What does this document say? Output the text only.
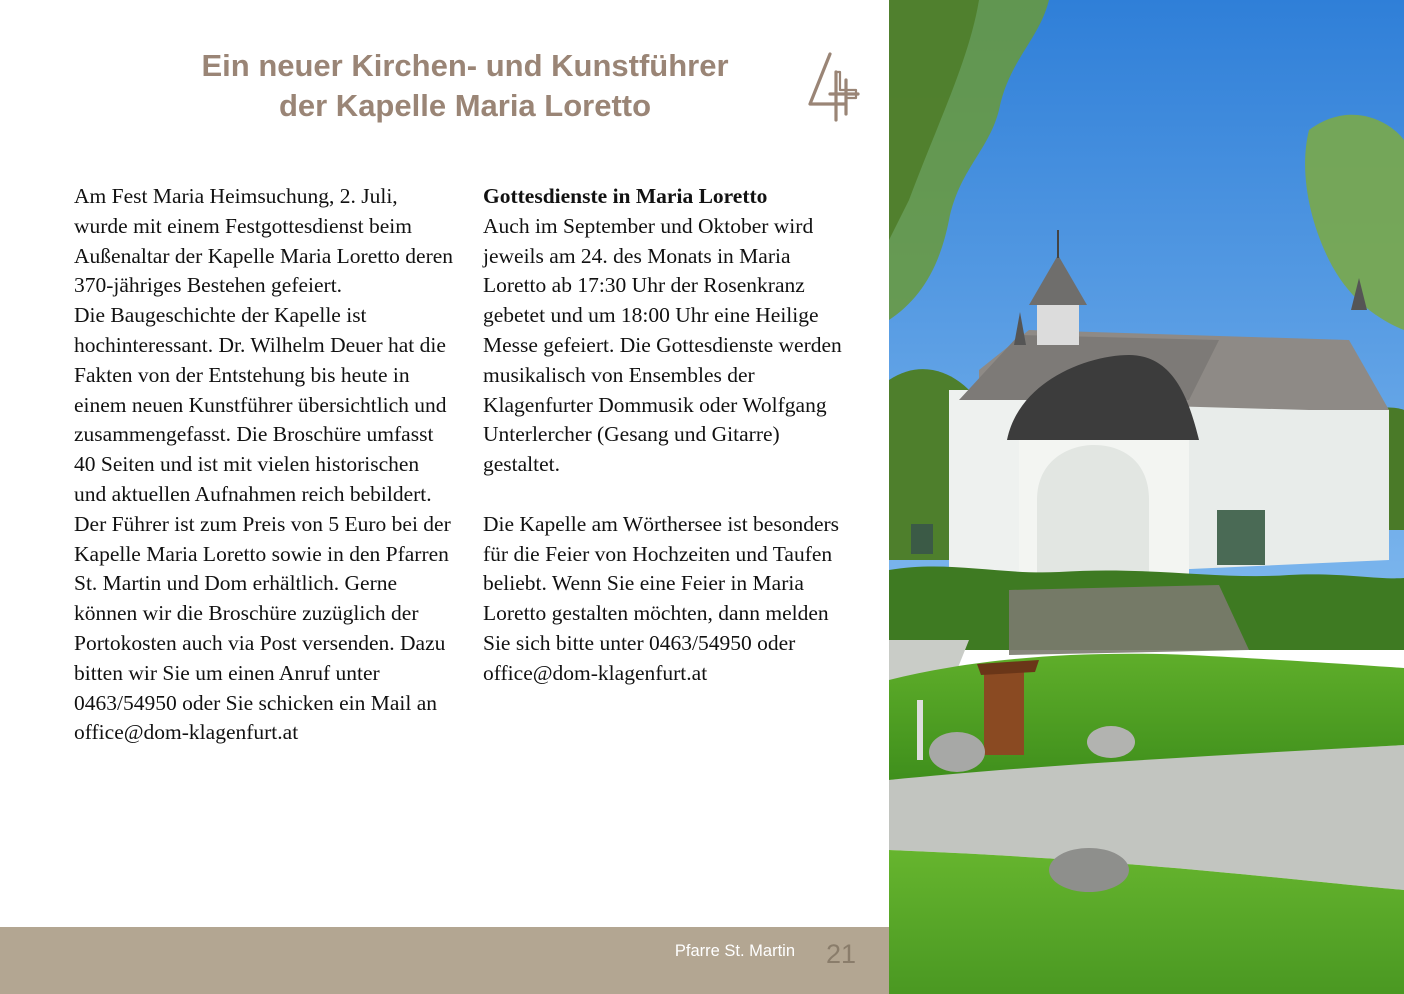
Ein neuer Kirchen- und Kunstführer
der Kapelle Maria Loretto

Am Fest Maria Heimsuchung, 2. Juli, wurde mit einem Festgottesdienst beim Außenaltar der Kapelle Maria Loretto deren 370-jähriges Bestehen gefeiert.

Die Baugeschichte der Kapelle ist hochinteressant. Dr. Wilhelm Deuer hat die Fakten von der Entstehung bis heute in einem neuen Kunstführer übersichtlich und zusammengefasst. Die Broschüre umfasst 40 Seiten und ist mit vielen historischen und aktuellen Aufnahmen reich bebildert. Der Führer ist zum Preis von 5 Euro bei der Kapelle Maria Loretto sowie in den Pfarren St. Martin und Dom erhältlich. Gerne können wir die Broschüre zuzüglich der Portokosten auch via Post versenden. Dazu bitten wir Sie um einen Anruf unter 0463/54950 oder Sie schicken ein Mail an office@dom-klagenfurt.at

Gottesdienste in Maria Loretto

Auch im September und Oktober wird jeweils am 24. des Monats in Maria Loretto ab 17:30 Uhr der Rosenkranz gebetet und um 18:00 Uhr eine Heilige Messe gefeiert. Die Gottesdienste werden musikalisch von Ensembles der Klagenfurter Dommusik oder Wolfgang Unterlercher (Gesang und Gitarre) gestaltet.

Die Kapelle am Wörthersee ist besonders für die Feier von Hochzeiten und Taufen beliebt. Wenn Sie eine Feier in Maria Loretto gestalten möchten, dann melden Sie sich bitte unter 0463/54950 oder office@dom-klagenfurt.at

Pfarre St. Martin 21
